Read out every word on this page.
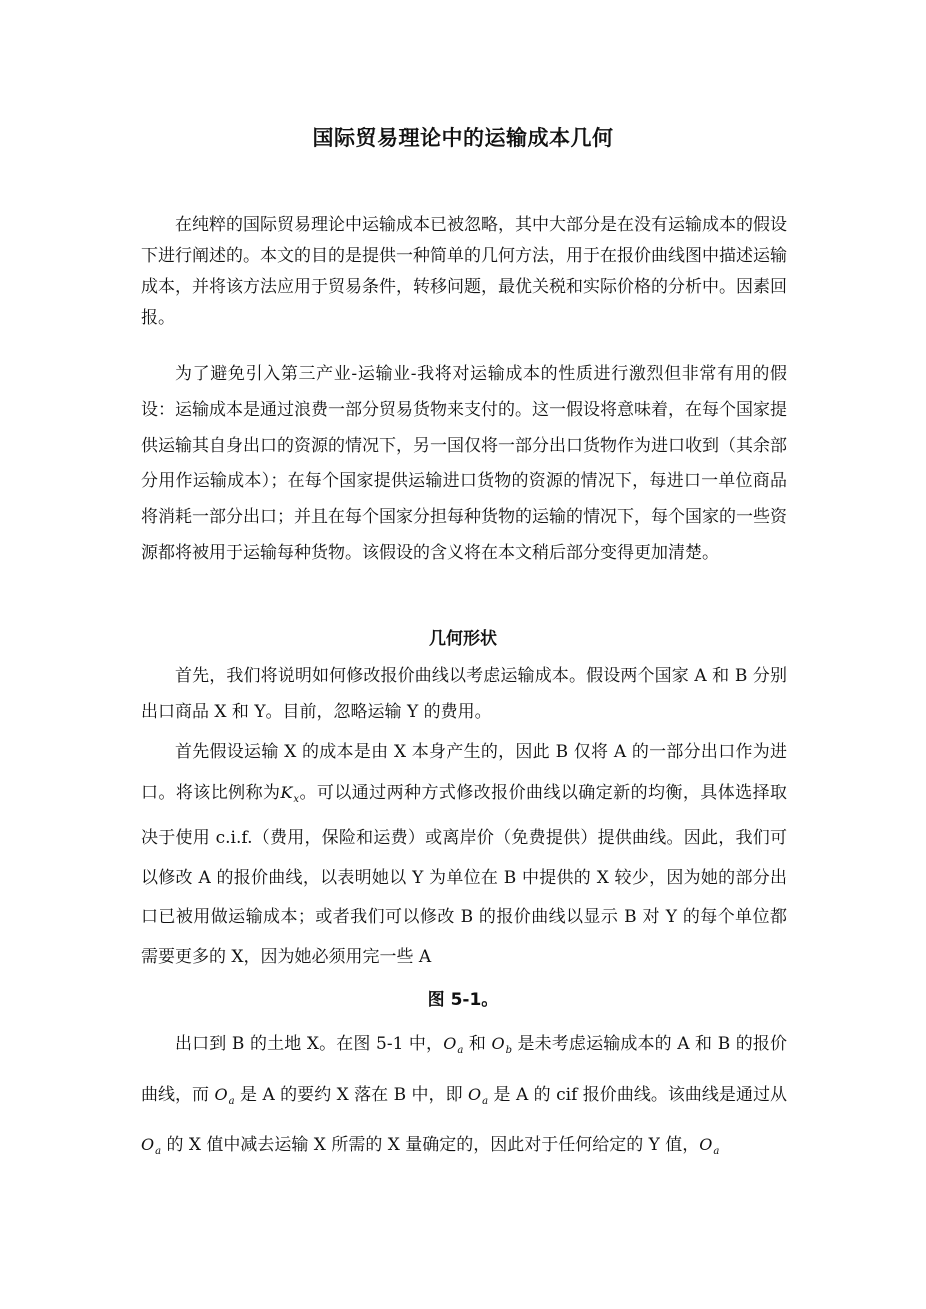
国际贸易理论中的运输成本几何

在纯粹的国际贸易理论中运输成本已被忽略，其中大部分是在没有运输成本的假设下进行阐述的。本文的目的是提供一种简单的几何方法，用于在报价曲线图中描述运输成本，并将该方法应用于贸易条件，转移问题，最优关税和实际价格的分析中。因素回报。

为了避免引入第三产业-运输业-我将对运输成本的性质进行激烈但非常有用的假设：运输成本是通过浪费一部分贸易货物来支付的。这一假设将意味着，在每个国家提供运输其自身出口的资源的情况下，另一国仅将一部分出口货物作为进口收到（其余部分用作运输成本）；在每个国家提供运输进口货物的资源的情况下，每进口一单位商品将消耗一部分出口；并且在每个国家分担每种货物的运输的情况下，每个国家的一些资源都将被用于运输每种货物。该假设的含义将在本文稍后部分变得更加清楚。

几何形状

首先，我们将说明如何修改报价曲线以考虑运输成本。假设两个国家 A 和 B 分别出口商品 X 和 Y。目前，忽略运输 Y 的费用。

首先假设运输 X 的成本是由 X 本身产生的，因此 B 仅将 A 的一部分出口作为进口。将该比例称为$K_x$。可以通过两种方式修改报价曲线以确定新的均衡，具体选择取决于使用 c.i.f.（费用，保险和运费）或离岸价（免费提供）提供曲线。因此，我们可以修改 A 的报价曲线，以表明她以 Y 为单位在 B 中提供的 X 较少，因为她的部分出口已被用做运输成本；或者我们可以修改 B 的报价曲线以显示 B 对 Y 的每个单位都需要更多的 X，因为她必须用完一些 A

图 5-1。

出口到 B 的土地 X。在图 5-1 中，$O_a$ 和 $O_b$ 是未考虑运输成本的 A 和 B 的报价曲线，而 $O_a$ 是 A 的要约 X 落在 B 中，即 $O_a$ 是 A 的 cif 报价曲线。该曲线是通过从 $O_a$ 的 X 值中减去运输 X 所需的 X 量确定的，因此对于任何给定的 Y 值，$O_a$
